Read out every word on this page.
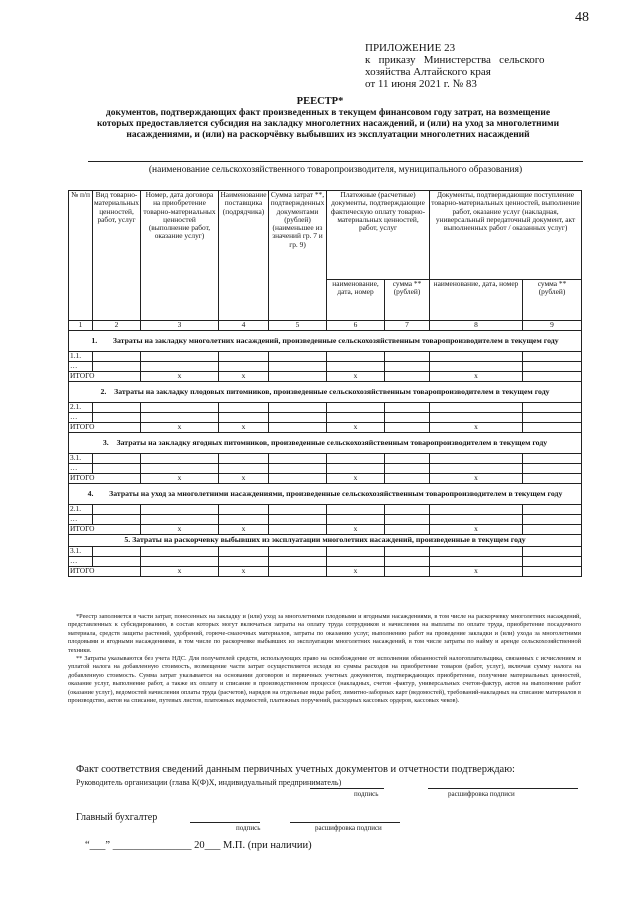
48
ПРИЛОЖЕНИЕ 23
к   приказу   Министерства   сельского
хозяйства Алтайского края
от 11 июня 2021 г. № 83
РЕЕСТР*
документов, подтверждающих факт произведенных в текущем финансовом году затрат, на возмещение которых предоставляется субсидия на закладку многолетних насаждений, и (или) на уход за многолетними насаждениями, и (или) на раскорчёвку выбывших из эксплуатации многолетних насаждений
(наименование сельскохозяйственного товаропроизводителя, муниципального образования)
№ п/п	Вид товарно-материальных ценностей, работ, услуг	Номер, дата договора на приобретение товарно-материальных ценностей (выполнение работ, оказание услуг)	Наименование поставщика (подрядчика)	Сумма затрат **, подтвержденных документами (рублей) (наименьшее из значений гр. 7 и гр. 9)	Платежные (расчетные) документы, подтверждающие фактическую оплату товарно-материальных ценностей, работ, услуг		Документы, подтверждающие поступление товарно-материальных ценностей, выполнение работ, оказание услуг (накладная, универсальный передаточный документ, акт выполненных работ / оказанных услуг)	
					наименование, дата, номер	сумма ** (рублей)	наименование, дата, номер	сумма ** (рублей)
1	2	3	4	5	6	7	8	9
1. Затраты на закладку многолетних насаждений, произведенные сельскохозяйственным товаропроизводителем в текущем году								
1.1.								
…								
ИТОГО		x	x		x		x	
2. Затраты на закладку плодовых питомников, произведенные сельскохозяйственным товаропроизводителем в текущем году								
2.1.								
…								
ИТОГО		x	x		x		x	
3. Затраты на закладку ягодных питомников, произведенные сельскохозяйственным товаропроизводителем в текущем году								
3.1.								
…								
ИТОГО		x	x		x		x	
4. Затраты на уход за многолетними насаждениями, произведенные сельскохозяйственным товаропроизводителем в текущем году								
2.1.								
…								
ИТОГО		x	x		x		x	
5. Затраты на раскорчевку выбывших из эксплуатации многолетних насаждений, произведенные в текущем году								
3.1.								
…								
ИТОГО		x	x		x		x	

*Реестр заполняется в части затрат, понесенных на закладку и (или) уход за многолетними плодовыми и ягодными насаждениями, в том числе на раскорчевку многолетних насаждений, представленных к субсидированию, в состав которых могут включаться затраты на оплату труда сотрудников и начисления на выплаты по оплате труда, приобретение посадочного материала, средств защиты растений, удобрений, горюче-смазочных материалов, затраты по оказанию услуг, выполнению работ на проведение закладки и (или) ухода за многолетними плодовыми и ягодными насаждениями, в том числе по раскорчевке выбывших из эксплуатации многолетних насаждений, в том числе затраты по найму и аренде сельскохозяйственной техники.

** Затраты указываются без учета НДС. Для получателей средств, использующих право на освобождение от исполнения обязанностей налогоплательщика, связанных с исчислением и уплатой налога на добавленную стоимость, возмещение части затрат осуществляется исходя из суммы расходов на приобретение товаров (работ, услуг), включая сумму налога на добавленную стоимость. Сумма затрат указывается на основании договоров и первичных учетных документов, подтверждающих приобретение, получение материальных ценностей, оказание услуг, выполнение работ, а также их оплату и списание в производственном процессе (накладных, счетов -фактур, универсальных счетов-фактур, актов на выполнение работ (оказание услуг), ведомостей начисления оплаты труда (расчетов), нарядов на отдельные виды работ, лимитно-заборных карт (ведомостей), требований-накладных на списание материалов в производство, актов на списание, путевых листов, платежных ведомостей, платежных поручений, расходных кассовых ордеров, кассовых чеков).

Факт соответствия сведений данным первичных учетных документов и отчетности подтверждаю:
Руководитель организации (глава К(Ф)Х, индивидуальный предприниматель)
подпись	расшифровка подписи
Главный бухгалтер
подпись	расшифровка подписи
“___” _______________ 20___ М.П. (при наличии)
